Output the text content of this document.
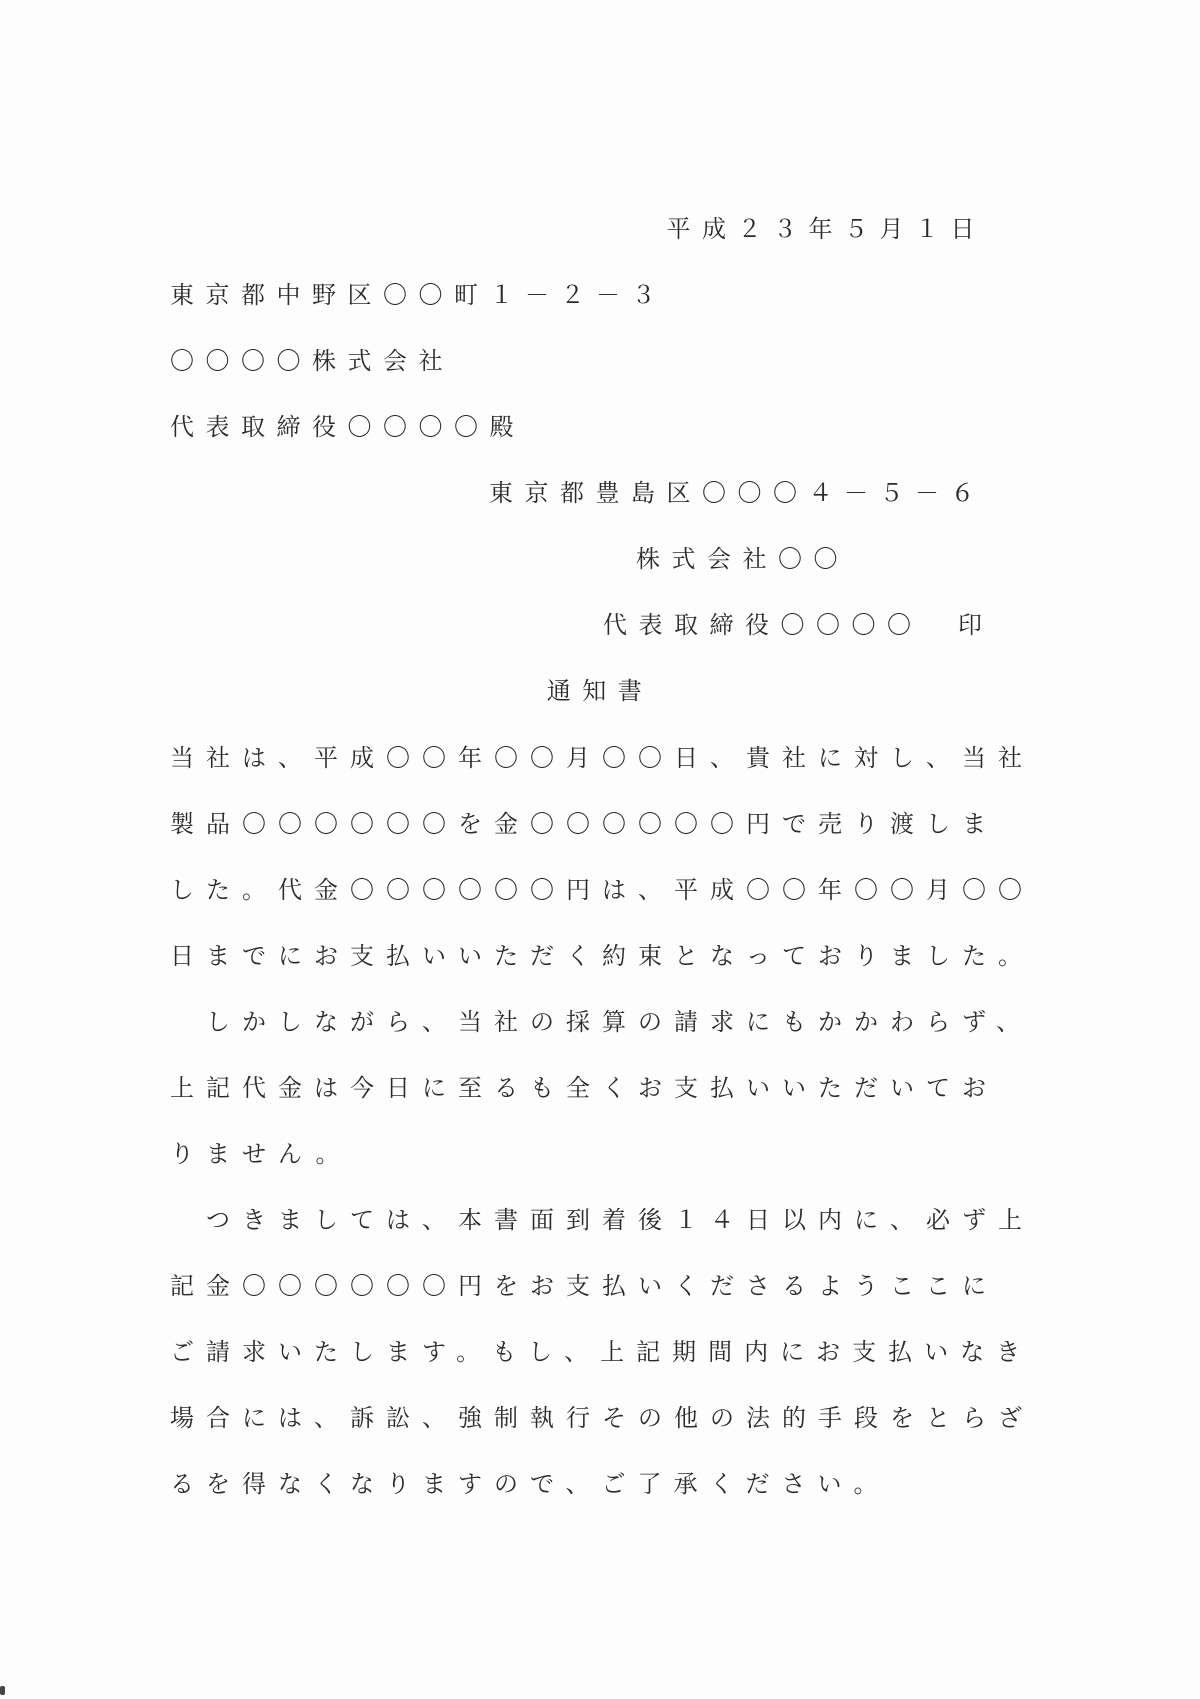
平成２３年５月１日
東京都中野区〇〇町１－２－３
〇〇〇〇株式会社
代表取締役〇〇〇〇殿
東京都豊島区〇〇〇４－５－６
株式会社〇〇
代表取締役〇〇〇〇 印
通知書
当社は、平成〇〇年〇〇月〇〇日、貴社に対し、当社
製品〇〇〇〇〇〇を金〇〇〇〇〇〇円で売り渡しま
した。代金〇〇〇〇〇〇円は、平成〇〇年〇〇月〇〇
日までにお支払いいただく約束となっておりました。
　しかしながら、当社の採算の請求にもかかわらず、
上記代金は今日に至るも全くお支払いいただいてお
りません。
　つきましては、本書面到着後１４日以内に、必ず上
記金〇〇〇〇〇〇円をお支払いくださるようここに
ご請求いたします。もし、上記期間内にお支払いなき
場合には、訴訟、強制執行その他の法的手段をとらざ
るを得なくなりますので、ご了承ください。
